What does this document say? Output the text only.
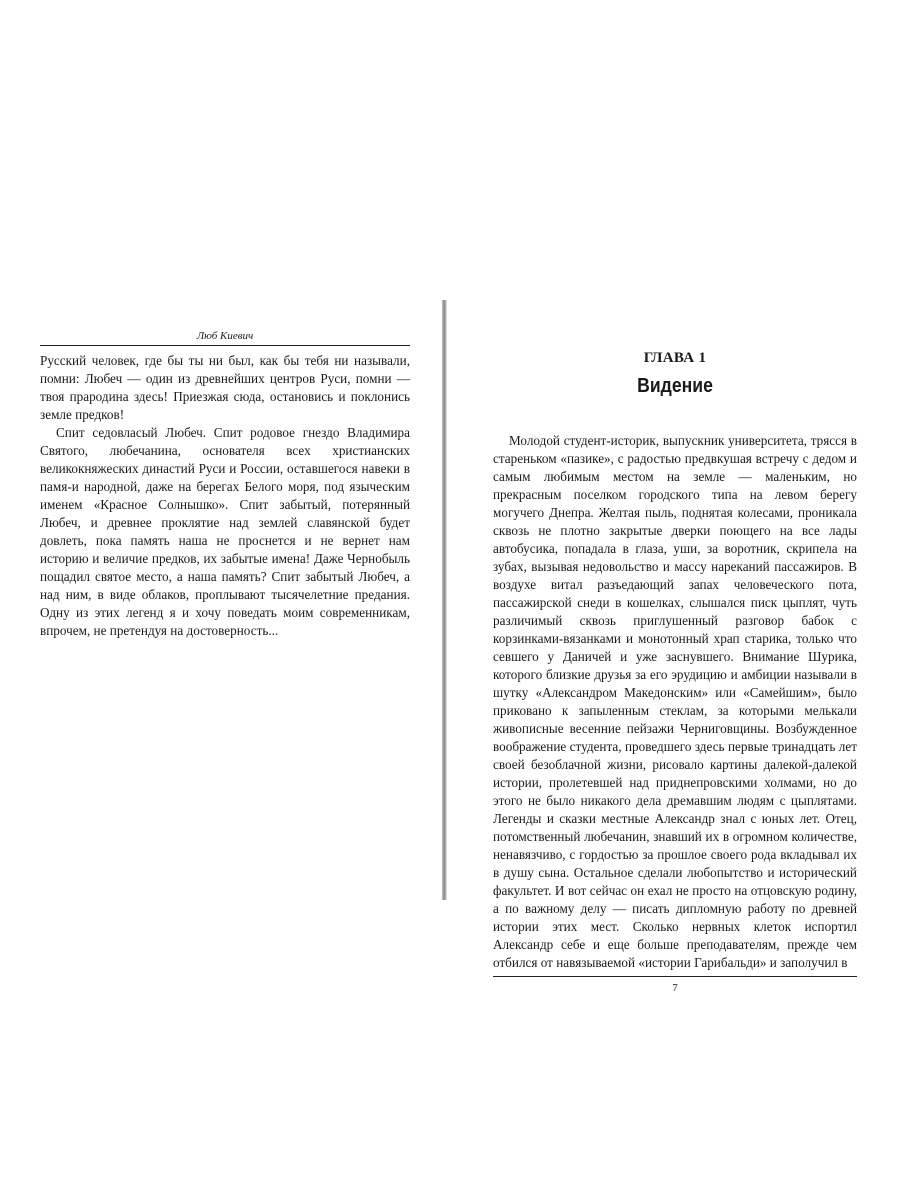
Люб Киевич

Русский человек, где бы ты ни был, как бы тебя ни называли, помни: Любеч — один из древнейших центров Руси, помни — твоя прародина здесь! Приезжая сюда, остановись и поклонись земле предков!

Спит седовласый Любеч. Спит родовое гнездо Владимира Святого, любечанина, основателя всех христианских великокняжеских династий Руси и России, оставшегося навеки в памя-и народной, даже на берегах Белого моря, под языческим именем «Красное Солнышко». Спит забытый, потерянный Любеч, и древнее проклятие над землей славянской будет довлеть, пока память наша не проснется и не вернет нам историю и величие предков, их забытые имена! Даже Чернобыль пощадил святое место, а наша память? Спит забытый Любеч, а над ним, в виде облаков, проплывают тысячелетние предания. Одну из этих легенд я и хочу поведать моим современникам, впрочем, не претендуя на достоверность...

ГЛАВА 1
Видение

Молодой студент-историк, выпускник университета, трясся в старeньком «пазике», с радостью предвкушая встречу с дедом и самым любимым местом на земле — маленьким, но прекрасным поселком городского типа на левом берегу могучего Днепра. Желтая пыль, поднятая колесами, проникала сквозь не плотно закрытые дверки поющего на все лады автобусика, попадала в глаза, уши, за воротник, скрипела на зубах, вызывая недовольство и массу нареканий пассажиров. В воздухе витал разъедающий запах человеческого пота, пассажирской снеди в кошелках, слышался писк цыплят, чуть различимый сквозь приглушенный разговор бабок с корзинками-вязанками и монотонный храп старика, только что севшего у Даничей и уже заснувшего. Внимание Шурика, которого близкие друзья за его эрудицию и амбиции называли в шутку «Александром Македонским» или «Самейшим», было приковано к запыленным стеклам, за которыми мелькали живописные весенние пейзажи Черниговщины. Возбужденное воображение студента, проведшего здесь первые тринадцать лет своей безоблачной жизни, рисовало картины далекой-далекой истории, пролетевшей над приднепровскими холмами, но до этого не было никакого дела дремавшим людям с цыплятами. Легенды и сказки местные Александр знал с юных лет. Отец, потомственный любечанин, знавший их в огромном количестве, ненавязчиво, с гордостью за прошлое своего рода вкладывал их в душу сына. Остальное сделали любопытство и исторический факультет. И вот сейчас он ехал не просто на отцовскую родину, а по важному делу — писать дипломную работу по древней истории этих мест. Сколько нервных клеток испортил Александр себе и еще больше преподавателям, прежде чем отбился от навязываемой «истории Гарибальди» и заполучил в

7
